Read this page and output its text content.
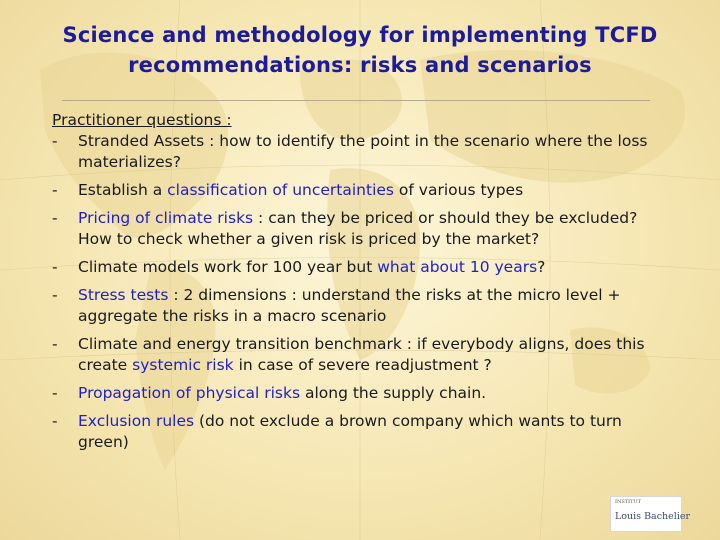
Science and methodology for implementing TCFD recommendations: risks and scenarios
Practitioner questions :
- Stranded Assets : how to identify the point in the scenario where the loss materializes?
- Establish a classification of uncertainties of various types
- Pricing of climate risks : can they be priced or should they be excluded? How to check whether a given risk is priced by the market?
- Climate models work for 100 year but what about 10 years?
- Stress tests : 2 dimensions : understand the risks at the micro level + aggregate the risks in a macro scenario
- Climate and energy transition benchmark : if everybody aligns, does this create systemic risk in case of severe readjustment ?
- Propagation of physical risks along the supply chain.
- Exclusion rules (do not exclude a brown company which wants to turn green)
INSTITUT
Louis Bachelier
